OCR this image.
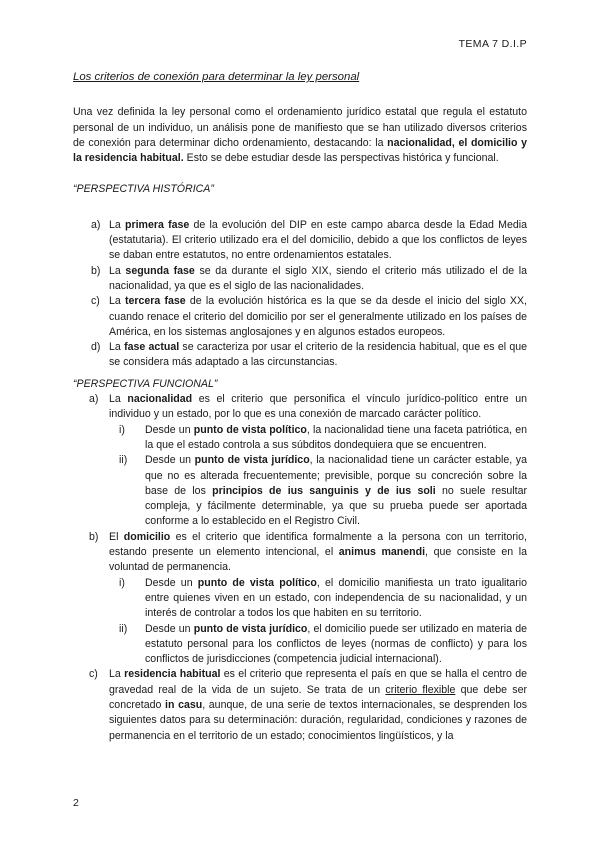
TEMA 7 D.I.P

Los criterios de conexión para determinar la ley personal

Una vez definida la ley personal como el ordenamiento jurídico estatal que regula el estatuto personal de un individuo, un análisis pone de manifiesto que se han utilizado diversos criterios de conexión para determinar dicho ordenamiento, destacando: la nacionalidad, el domicilio y la residencia habitual. Esto se debe estudiar desde las perspectivas histórica y funcional.

“PERSPECTIVA HISTÓRICA”

a) La primera fase de la evolución del DIP en este campo abarca desde la Edad Media (estatutaria). El criterio utilizado era el del domicilio, debido a que los conflictos de leyes se daban entre estatutos, no entre ordenamientos estatales.
b) La segunda fase se da durante el siglo XIX, siendo el criterio más utilizado el de la nacionalidad, ya que es el siglo de las nacionalidades.
c) La tercera fase de la evolución histórica es la que se da desde el inicio del siglo XX, cuando renace el criterio del domicilio por ser el generalmente utilizado en los países de América, en los sistemas anglosajones y en algunos estados europeos.
d) La fase actual se caracteriza por usar el criterio de la residencia habitual, que es el que se considera más adaptado a las circunstancias.

“PERSPECTIVA FUNCIONAL”

a) La nacionalidad es el criterio que personifica el vínculo jurídico-político entre un individuo y un estado, por lo que es una conexión de marcado carácter político.
i) Desde un punto de vista político, la nacionalidad tiene una faceta patriótica, en la que el estado controla a sus súbditos dondequiera que se encuentren.
ii) Desde un punto de vista jurídico, la nacionalidad tiene un carácter estable, ya que no es alterada frecuentemente; previsible, porque su concreción sobre la base de los principios de ius sanguinis y de ius soli no suele resultar compleja, y fácilmente determinable, ya que su prueba puede ser aportada conforme a lo establecido en el Registro Civil.
b) El domicilio es el criterio que identifica formalmente a la persona con un territorio, estando presente un elemento intencional, el animus manendi, que consiste en la voluntad de permanencia.
i) Desde un punto de vista político, el domicilio manifiesta un trato igualitario entre quienes viven en un estado, con independencia de su nacionalidad, y un interés de controlar a todos los que habiten en su territorio.
ii) Desde un punto de vista jurídico, el domicilio puede ser utilizado en materia de estatuto personal para los conflictos de leyes (normas de conflicto) y para los conflictos de jurisdicciones (competencia judicial internacional).
c) La residencia habitual es el criterio que representa el país en que se halla el centro de gravedad real de la vida de un sujeto. Se trata de un criterio flexible que debe ser concretado in casu, aunque, de una serie de textos internacionales, se desprenden los siguientes datos para su determinación: duración, regularidad, condiciones y razones de permanencia en el territorio de un estado; conocimientos lingüísticos, y la
2
